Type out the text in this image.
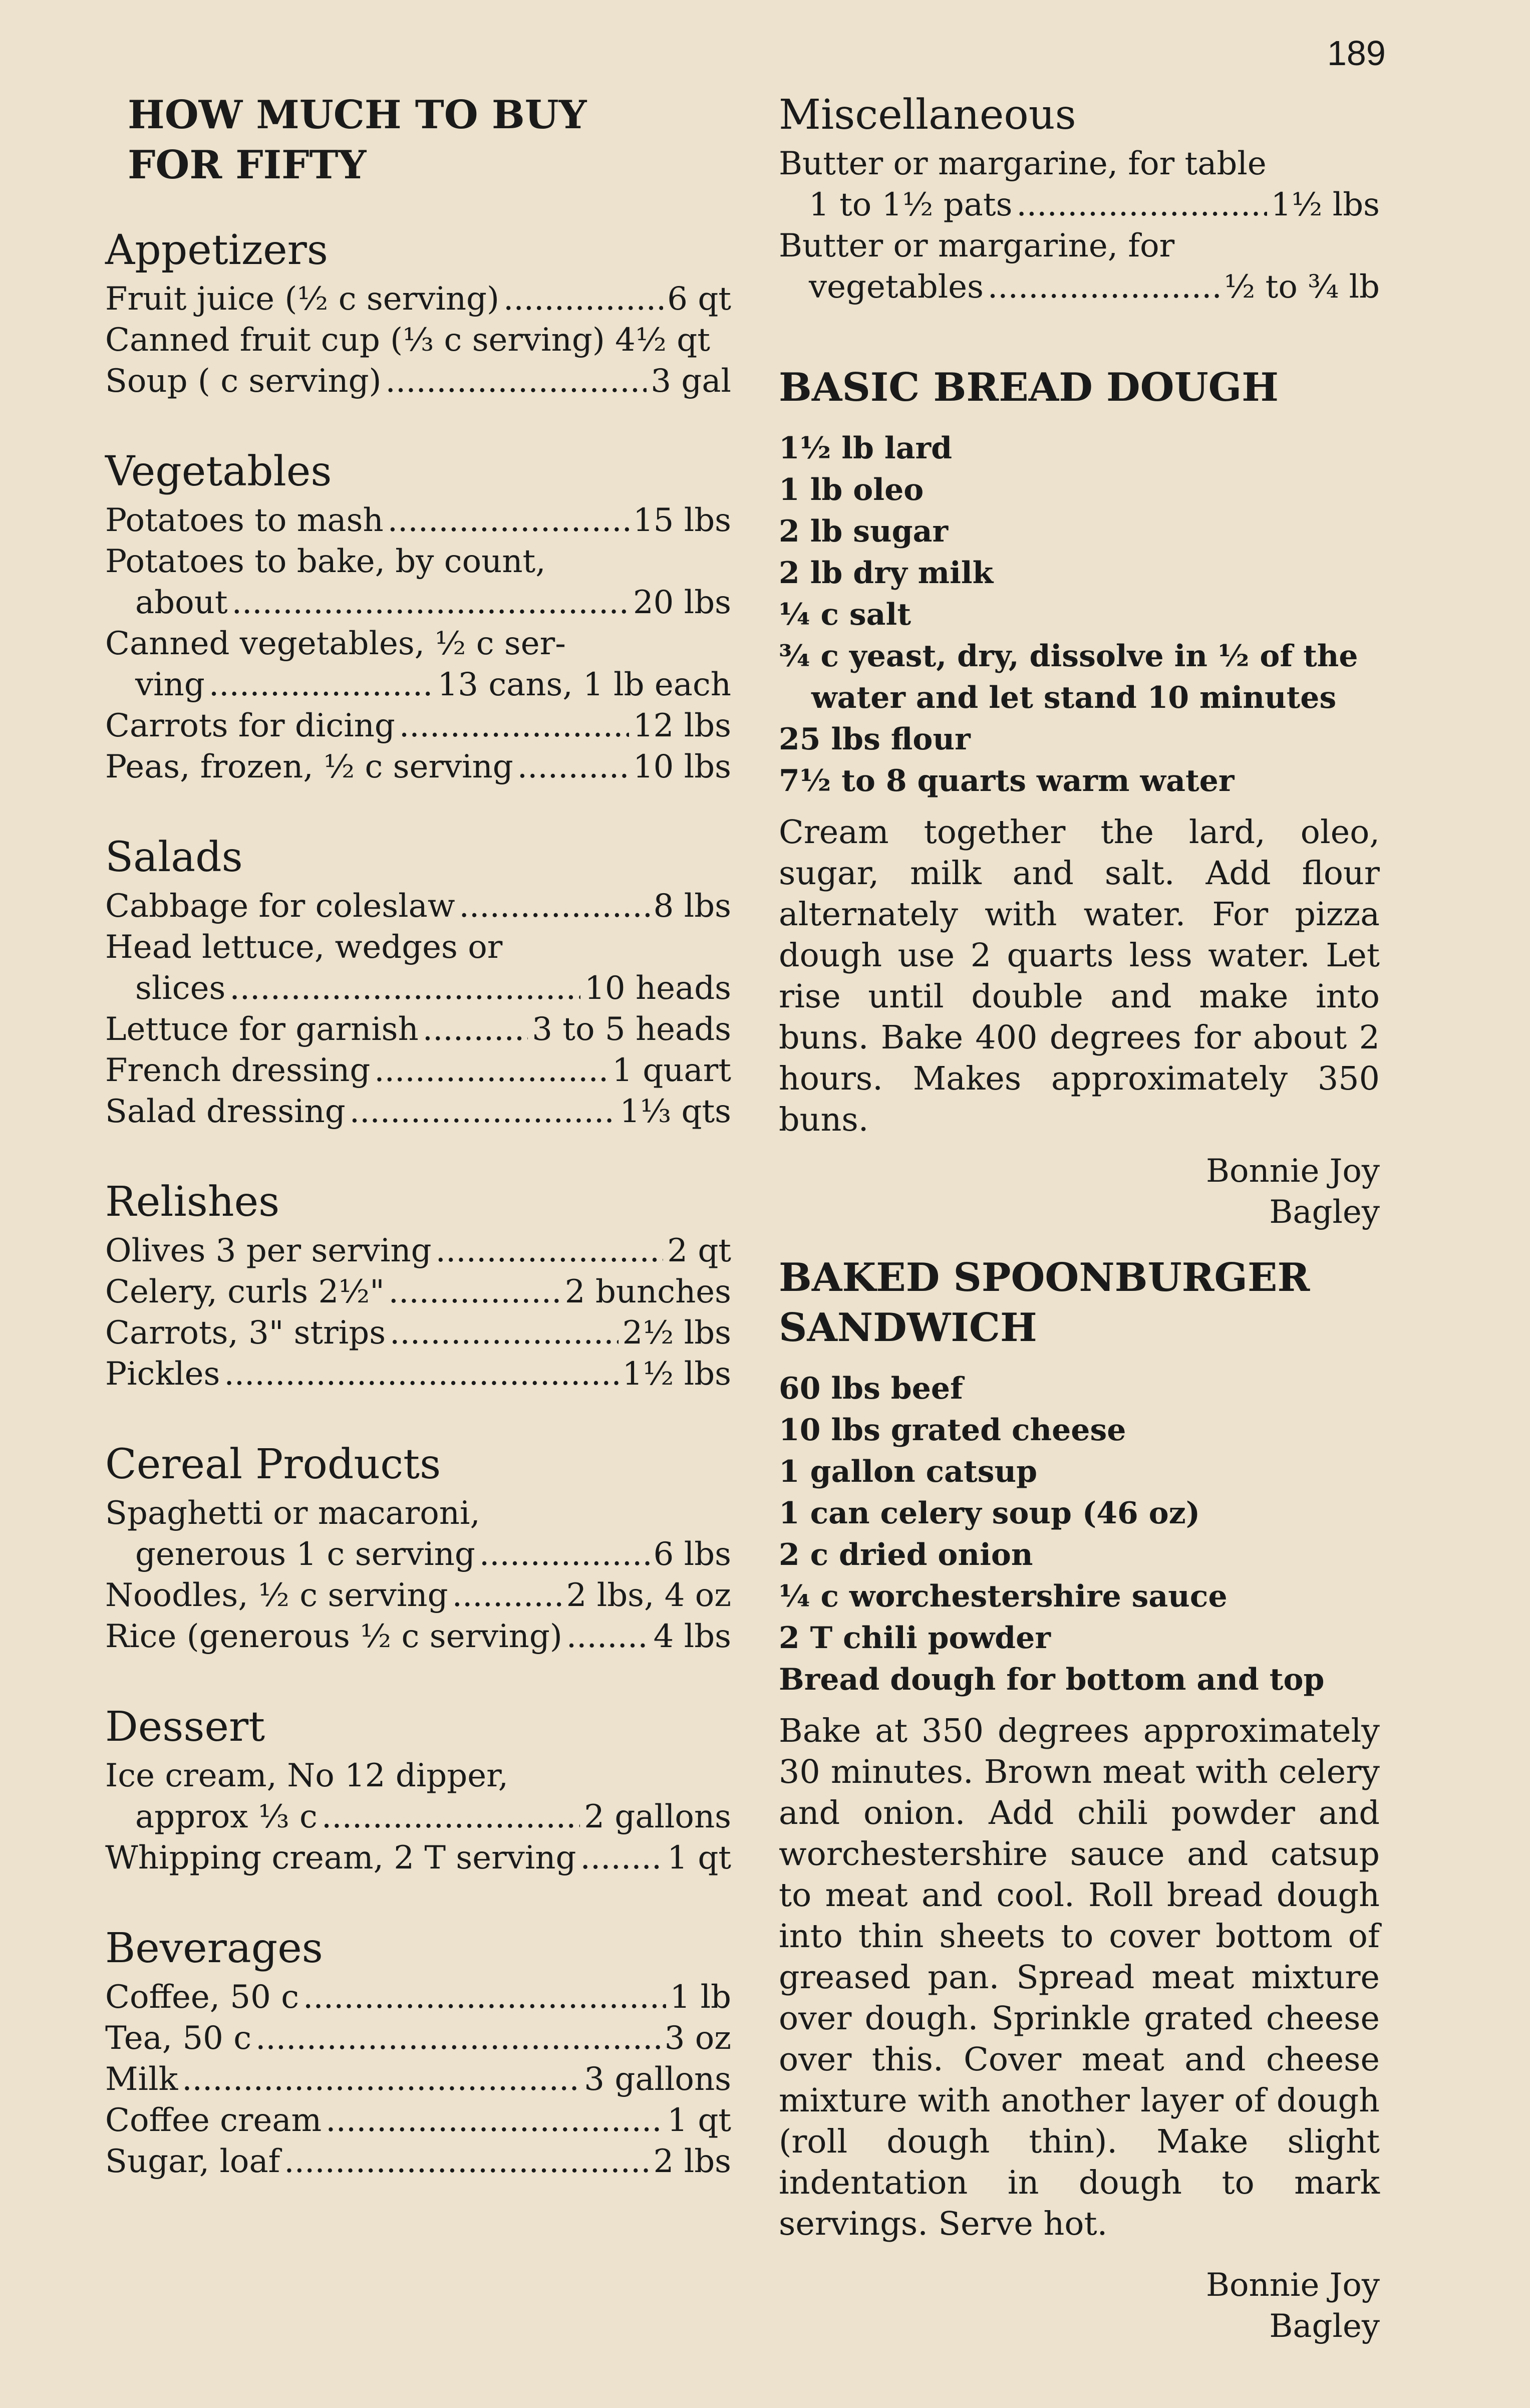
189
HOW MUCH TO BUY
FOR FIFTY
Appetizers
Fruit juice (½ c serving) .....	6 qt
Canned fruit cup (⅓ c serving) 4½ qt
Soup ( c serving) .....	3 gal
Vegetables
Potatoes to mash .....	15 lbs
Potatoes to bake, by count,
about .....	20 lbs
Canned vegetables, ½ c ser-
ving .....	13 cans, 1 lb each
Carrots for dicing .....	12 lbs
Peas, frozen, ½ c serving .....	10 lbs
Salads
Cabbage for coleslaw .....	8 lbs
Head lettuce, wedges or
slices .....	10 heads
Lettuce for garnish .....	3 to 5 heads
French dressing .....	1 quart
Salad dressing .....	1⅓ qts
Relishes
Olives 3 per serving .....	2 qt
Celery, curls 2½" .....	2 bunches
Carrots, 3" strips .....	2½ lbs
Pickles .....	1½ lbs
Cereal Products
Spaghetti or macaroni,
generous 1 c serving .....	6 lbs
Noodles, ½ c serving .....	2 lbs, 4 oz
Rice (generous ½ c serving) .....	4 lbs
Dessert
Ice cream, No 12 dipper,
approx ⅓ c .....	2 gallons
Whipping cream, 2 T serving .....	1 qt
Beverages
Coffee, 50 c .....	1 lb
Tea, 50 c .....	3 oz
Milk .....	3 gallons
Coffee cream .....	1 qt
Sugar, loaf .....	2 lbs
Miscellaneous
Butter or margarine, for table
1 to 1½ pats .....	1½ lbs
Butter or margarine, for
vegetables .....	½ to ¾ lb
BASIC BREAD DOUGH
1½ lb lard
1 lb oleo
2 lb sugar
2 lb dry milk
¼ c salt
¾ c yeast, dry, dissolve in ½ of the water and let stand 10 minutes
25 lbs flour
7½ to 8 quarts warm water
Cream together the lard, oleo, sugar, milk and salt. Add flour alternately with water. For pizza dough use 2 quarts less water. Let rise until double and make into buns. Bake 400 degrees for about 2 hours. Makes approximately 350 buns.
Bonnie Joy
Bagley
BAKED SPOONBURGER
SANDWICH
60 lbs beef
10 lbs grated cheese
1 gallon catsup
1 can celery soup (46 oz)
2 c dried onion
¼ c worchestershire sauce
2 T chili powder
Bread dough for bottom and top
Bake at 350 degrees approximately 30 minutes. Brown meat with celery and onion. Add chili powder and worchestershire sauce and catsup to meat and cool. Roll bread dough into thin sheets to cover bottom of greased pan. Spread meat mixture over dough. Sprinkle grated cheese over this. Cover meat and cheese mixture with another layer of dough (roll dough thin). Make slight indentation in dough to mark servings. Serve hot.
Bonnie Joy
Bagley
